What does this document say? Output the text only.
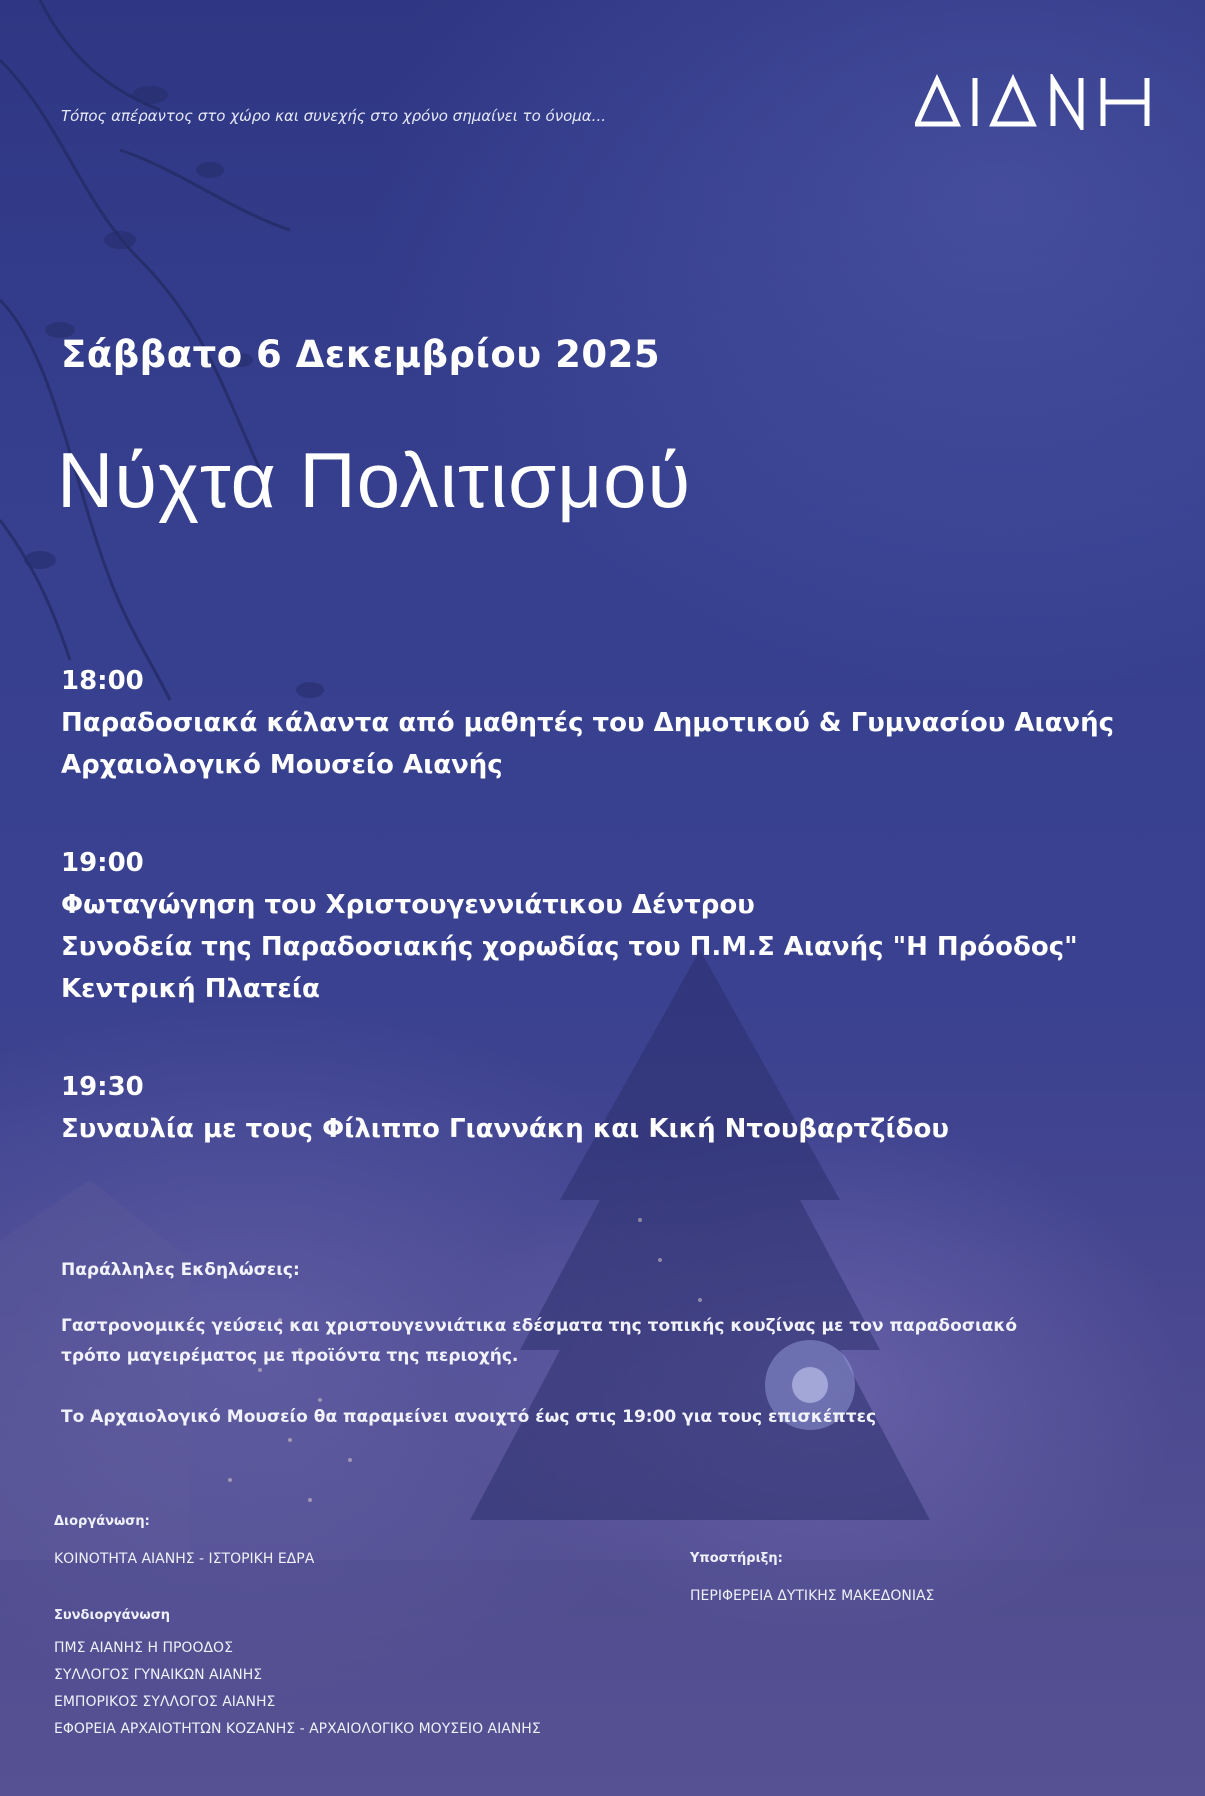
Τόπος απέραντος στο χώρο και συνεχής στο χρόνο σημαίνει το όνομα...
Σάββατο 6 Δεκεμβρίου 2025
Νύχτα Πολιτισμού
18:00
Παραδοσιακά κάλαντα από μαθητές του Δημοτικού & Γυμνασίου Αιανής
Αρχαιολογικό Μουσείο Αιανής
19:00
Φωταγώγηση του Χριστουγεννιάτικου Δέντρου
Συνοδεία της Παραδοσιακής χορωδίας του Π.Μ.Σ Αιανής "Η Πρόοδος"
Κεντρική Πλατεία
19:30
Συναυλία με τους Φίλιππο Γιαννάκη και Κική Ντουβαρτζίδου
Παράλληλες Εκδηλώσεις:
Γαστρονομικές γεύσεις και χριστουγεννιάτικα εδέσματα της τοπικής κουζίνας με τον παραδοσιακό
τρόπο μαγειρέματος με προϊόντα της περιοχής.
Το Αρχαιολογικό Μουσείο θα παραμείνει ανοιχτό έως στις 19:00 για τους επισκέπτες
Διοργάνωση:
ΚΟΙΝΟΤΗΤΑ ΑΙΑΝΗΣ - ΙΣΤΟΡΙΚΗ ΕΔΡΑ
Συνδιοργάνωση
ΠΜΣ ΑΙΑΝΗΣ Η ΠΡΟΟΔΟΣ
ΣΥΛΛΟΓΟΣ ΓΥΝΑΙΚΩΝ ΑΙΑΝΗΣ
ΕΜΠΟΡΙΚΟΣ ΣΥΛΛΟΓΟΣ ΑΙΑΝΗΣ
ΕΦΟΡΕΙΑ ΑΡΧΑΙΟΤΗΤΩΝ ΚΟΖΑΝΗΣ - ΑΡΧΑΙΟΛΟΓΙΚΟ ΜΟΥΣΕΙΟ ΑΙΑΝΗΣ
Υποστήριξη:
ΠΕΡΙΦΕΡΕΙΑ ΔΥΤΙΚΗΣ ΜΑΚΕΔΟΝΙΑΣ
